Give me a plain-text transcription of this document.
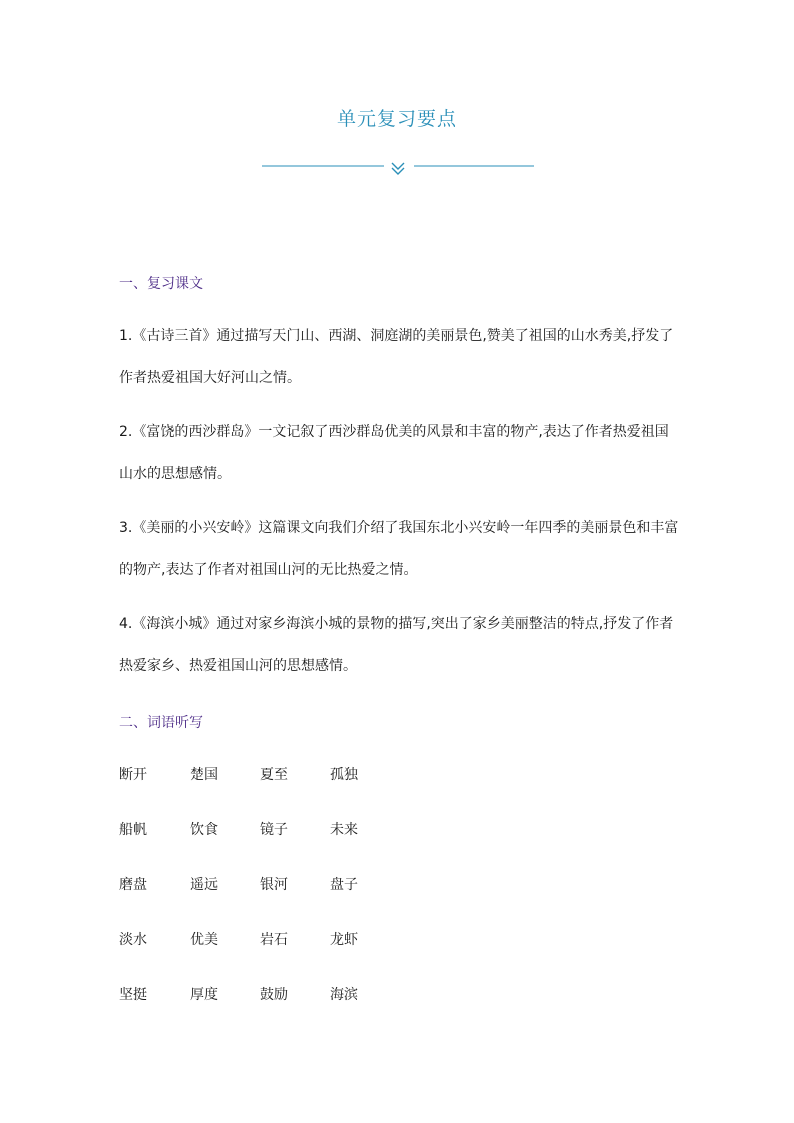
单元复习要点
一、复习课文
1.《古诗三首》通过描写天门山、西湖、洞庭湖的美丽景色,赞美了祖国的山水秀美,抒发了作者热爱祖国大好河山之情。
2.《富饶的西沙群岛》一文记叙了西沙群岛优美的风景和丰富的物产,表达了作者热爱祖国山水的思想感情。
3.《美丽的小兴安岭》这篇课文向我们介绍了我国东北小兴安岭一年四季的美丽景色和丰富的物产,表达了作者对祖国山河的无比热爱之情。
4.《海滨小城》通过对家乡海滨小城的景物的描写,突出了家乡美丽整洁的特点,抒发了作者热爱家乡、热爱祖国山河的思想感情。
二、词语听写
断开	楚国	夏至	孤独
船帆	饮食	镜子	未来
磨盘	遥远	银河	盘子
淡水	优美	岩石	龙虾
坚挺	厚度	鼓励	海滨
